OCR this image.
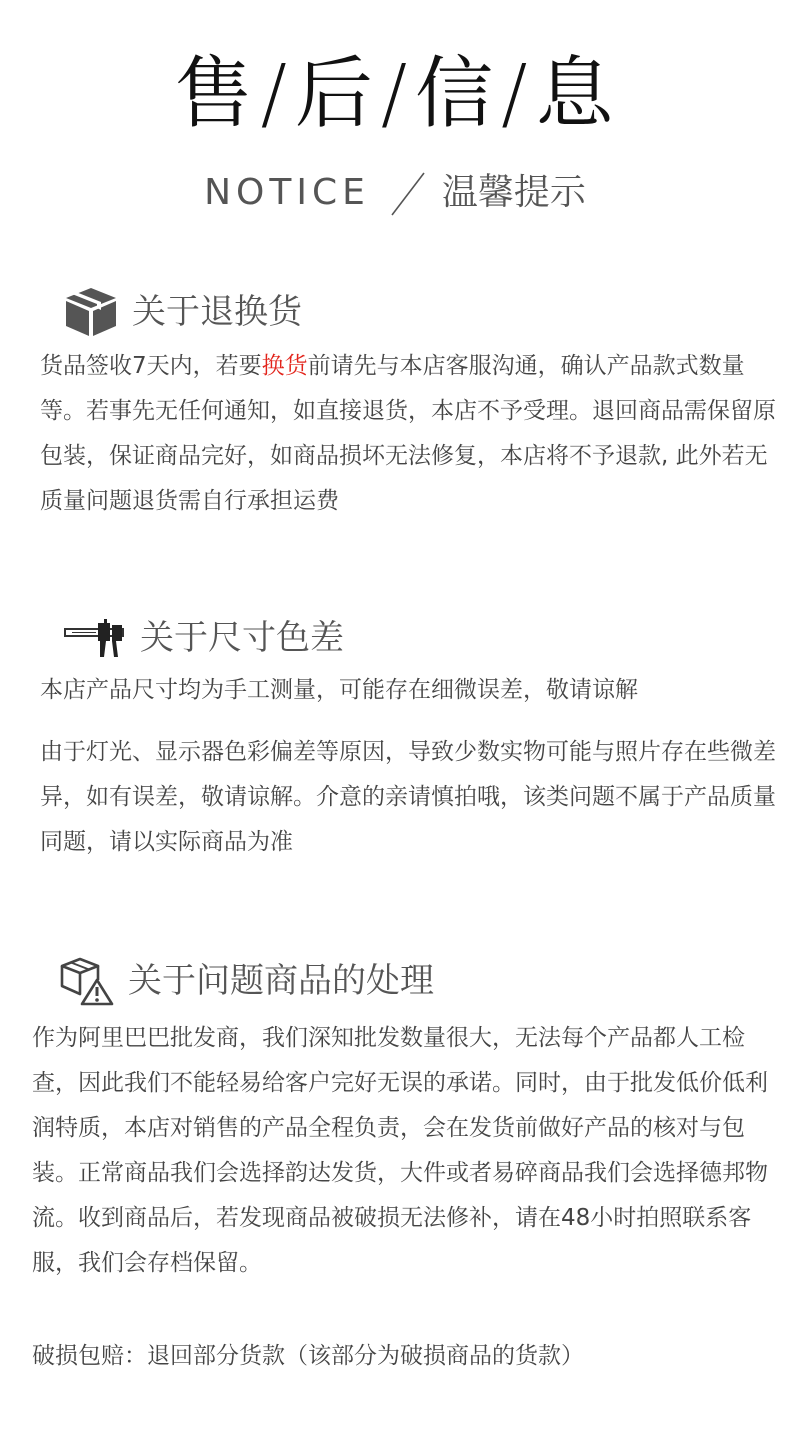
售/后/信/息
NOTICE 温馨提示
关于退换货

货品签收7天内，若要换货前请先与本店客服沟通，确认产品款式数量等。若事先无任何通知，如直接退货，本店不予受理。退回商品需保留原包装，保证商品完好，如商品损坏无法修复，本店将不予退款, 此外若无质量问题退货需自行承担运费

关于尺寸色差

本店产品尺寸均为手工测量，可能存在细微误差，敬请谅解

由于灯光、显示器色彩偏差等原因，导致少数实物可能与照片存在些微差异，如有误差，敬请谅解。介意的亲请慎拍哦，该类问题不属于产品质量同题，请以实际商品为准

关于问题商品的处理

作为阿里巴巴批发商，我们深知批发数量很大，无法每个产品都人工检查，因此我们不能轻易给客户完好无误的承诺。同时，由于批发低价低利润特质，本店对销售的产品全程负责，会在发货前做好产品的核对与包装。正常商品我们会选择韵达发货，大件或者易碎商品我们会选择德邦物流。收到商品后，若发现商品被破损无法修补，请在48小时拍照联系客服，我们会存档保留。

破损包赔：退回部分货款（该部分为破损商品的货款）
